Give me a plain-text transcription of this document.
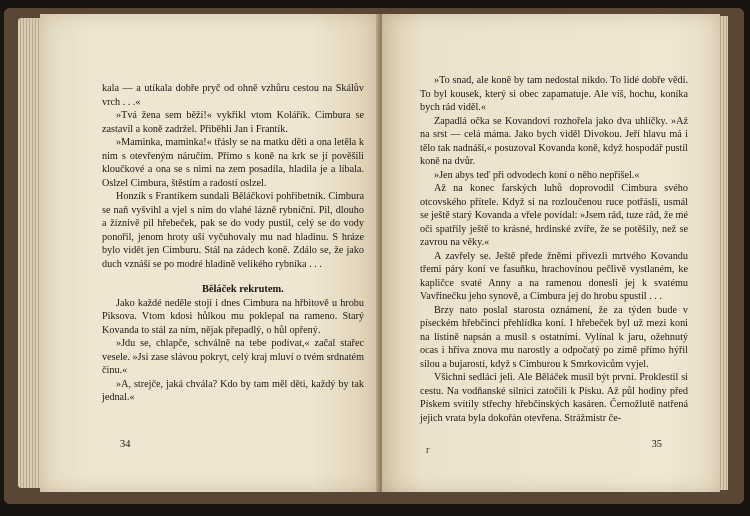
kala — a utíkala dobře pryč od ohně vzhůru cestou na Skálův vrch . . .«

»Tvá žena sem běží!« vykřikl vtom Kolářík. Cimbura se zastavil a koně zadržel. Přiběhli Jan i Frantík.

»Maminka, maminka!« třásly se na matku děti a ona letěla k nim s otevřeným náručím. Přímo s koně na krk se jí pověšili kloučkové a ona se s nimi na zem posadila, hladila je a líbala. Oslzel Cimbura, štěstím a radostí oslzel.

Honzík s Frantíkem sundali Běláčkovi pohřibetník. Cimbura se naň vyšvihl a vjel s ním do vlahé lázně rybníční. Pil, dlouho a žíznivě pil hřebeček, pak se do vody pustil, celý se do vody ponořil, jenom hroty uší vyčuhovaly mu nad hladinu. S hráze bylo vidět jen Cimburu. Stál na zádech koně. Zdálo se, že jako duch vznáší se po modré hladině velikého rybníka . . .

Běláček rekrutem.

Jako každé neděle stojí i dnes Cimbura na hřbitově u hrobu Piksova. Vtom kdosi hůlkou mu poklepal na rameno. Starý Kovanda to stál za ním, nějak přepadlý, o hůl opřený.

»Jdu se, chlapče, schválně na tebe podívat,« začal stařec vesele. »Jsi zase slávou pokryt, celý kraj mluví o tvém srdnatém činu.«

»A, strejče, jaká chvála? Kdo by tam měl děti, každý by tak jednal.«

34

»To snad, ale koně by tam nedostal nikdo. To lidé dobře vědí. To byl kousek, který si obec zapamatuje. Ale víš, hochu, koníka bych rád viděl.«

Zapadlá očka se Kovandovi rozhořela jako dva uhlíčky. »Až na srst — celá máma. Jako bych viděl Divokou. Jeří hlavu má i tělo tak nadnáší,« posuzoval Kovanda koně, když hospodář pustil koně na dvůr.

»Jen abys teď při odvodech koní o něho nepřišel.«

Až na konec farských luhů doprovodil Cimbura svého otcovského přítele. Když si na rozloučenou ruce potřásli, usmál se ještě starý Kovanda a vřele povídal: »Jsem rád, tuze rád, že mé oči spatřily ještě to krásné, hrdinské zvíře, že se potěšily, než se zavrou na věky.«

A zavřely se. Ještě přede žněmi přivezli mrtvého Kovandu třemi páry koní ve fasuňku, hrachovínou pečlivě vystlaném, ke kapličce svaté Anny a na ramenou donesli jej k svatému Vavřinečku jeho synově, a Cimbura jej do hrobu spustil . . .

Brzy nato poslal starosta oznámení, že za týden bude v píseckém hřebčinci přehlídka koní. I hřebeček byl už mezi koni na listině napsán a musil s ostatními. Vylínal k jaru, ožehnutý ocas i hříva znova mu narostly a odpočatý po zimě přímo hýřil silou a bujarostí, když s Cimburou k Smrkovicům vyjel.

Všichni sedláci jeli. Ale Běláček musil být první. Proklestil si cestu. Na vodňanské silnici zatočili k Písku. Až půl hodiny před Pískem svítily střechy hřebčínských kasáren. Černožlutě natřená jejich vrata byla dokořán otevřena. Strážmistr če-

r
35
